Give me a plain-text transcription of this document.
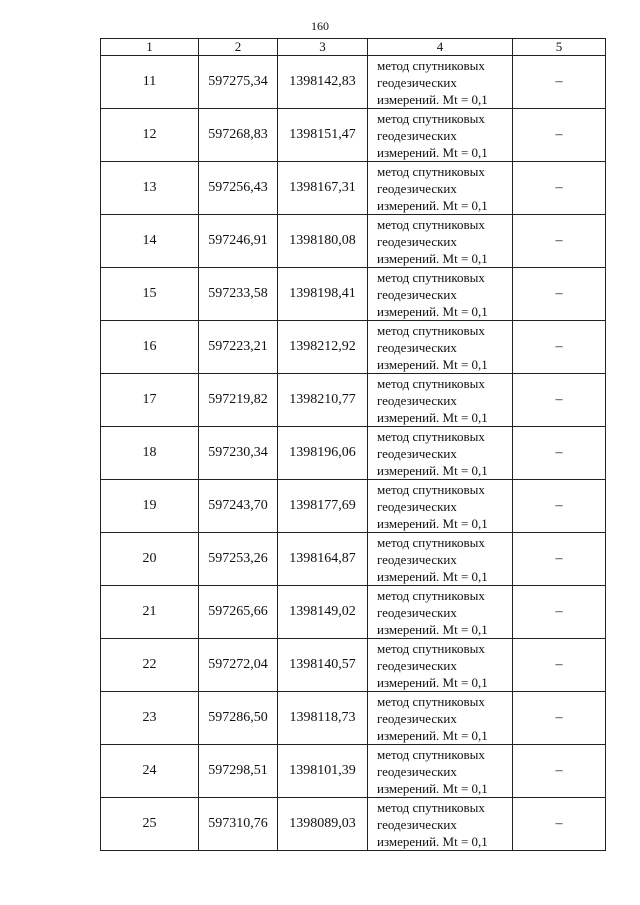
160
1	2	3	4	5
11	597275,34	1398142,83	метод спутниковых
геодезических
измерений. Mt = 0,1	–
12	597268,83	1398151,47	метод спутниковых
геодезических
измерений. Mt = 0,1	–
13	597256,43	1398167,31	метод спутниковых
геодезических
измерений. Mt = 0,1	–
14	597246,91	1398180,08	метод спутниковых
геодезических
измерений. Mt = 0,1	–
15	597233,58	1398198,41	метод спутниковых
геодезических
измерений. Mt = 0,1	–
16	597223,21	1398212,92	метод спутниковых
геодезических
измерений. Mt = 0,1	–
17	597219,82	1398210,77	метод спутниковых
геодезических
измерений. Mt = 0,1	–
18	597230,34	1398196,06	метод спутниковых
геодезических
измерений. Mt = 0,1	–
19	597243,70	1398177,69	метод спутниковых
геодезических
измерений. Mt = 0,1	–
20	597253,26	1398164,87	метод спутниковых
геодезических
измерений. Mt = 0,1	–
21	597265,66	1398149,02	метод спутниковых
геодезических
измерений. Mt = 0,1	–
22	597272,04	1398140,57	метод спутниковых
геодезических
измерений. Mt = 0,1	–
23	597286,50	1398118,73	метод спутниковых
геодезических
измерений. Mt = 0,1	–
24	597298,51	1398101,39	метод спутниковых
геодезических
измерений. Mt = 0,1	–
25	597310,76	1398089,03	метод спутниковых
геодезических
измерений. Mt = 0,1	–
